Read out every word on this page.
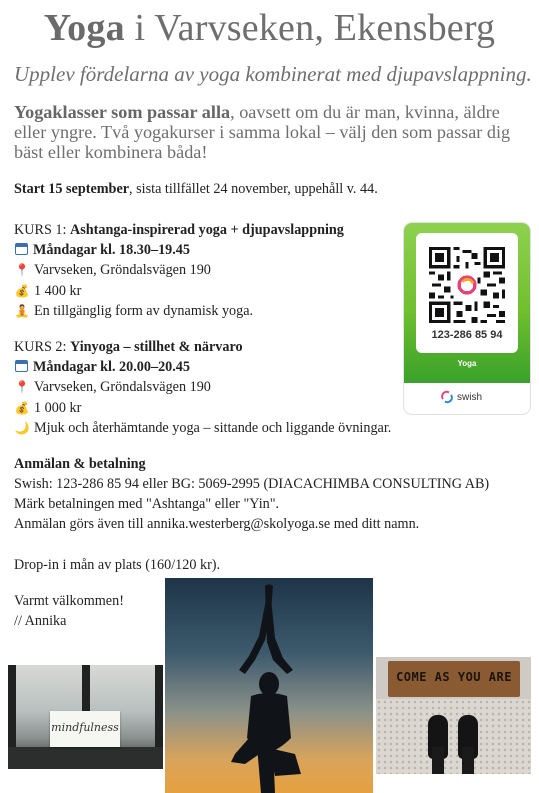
Yoga i Varvseken, Ekensberg
Upplev fördelarna av yoga kombinerat med djupavslappning.
Yogaklasser som passar alla, oavsett om du är man, kvinna, äldre eller yngre. Två yogakurser i samma lokal – välj den som passar dig bäst eller kombinera båda!
Start 15 september, sista tillfället 24 november, uppehåll v. 44.
KURS 1: Ashtanga-inspirerad yoga + djupavslappning
Måndagar kl. 18.30–19.45
📍 Varvseken, Gröndalsvägen 190
💰 1 400 kr
🧘 En tillgänglig form av dynamisk yoga.
KURS 2: Yinyoga – stillhet & närvaro
Måndagar kl. 20.00–20.45
📍 Varvseken, Gröndalsvägen 190
💰 1 000 kr
🌙 Mjuk och återhämtande yoga – sittande och liggande övningar.
Anmälan & betalning
Swish: 123-286 85 94 eller BG: 5069-2995 (DIACACHIMBA CONSULTING AB)
Märk betalningen med "Ashtanga" eller "Yin".
Anmälan görs även till annika.westerberg@skolyoga.se med ditt namn.
Drop-in i mån av plats (160/120 kr).
Varmt välkommen!
// Annika
123-286 85 94
Yoga
swish
mindfulness
COME AS YOU ARE
